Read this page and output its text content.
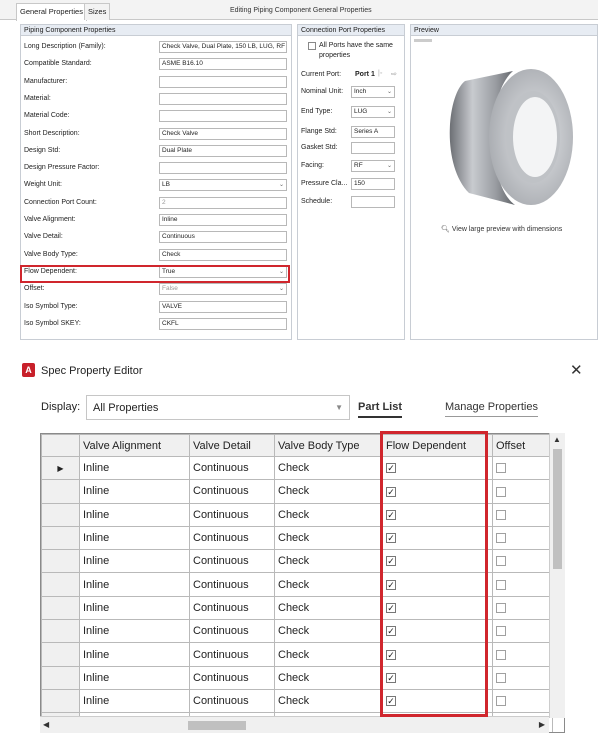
General Properties Sizes	Editing Piping Component General Properties
Piping Component Properties
Long Description (Family):	Check Valve, Dual Plate, 150 LB, LUG, RF
Compatible Standard:	ASME B16.10
Manufacturer:
Material:
Material Code:
Short Description:	Check Valve
Design Std:	Dual Plate
Design Pressure Factor:
Weight Unit:	LB	⌄
Connection Port Count:	2
Valve Alignment:	Inline
Valve Detail:	Continuous
Valve Body Type:	Check
Flow Dependent:	True	⌄
Offset:	False	⌄
Iso Symbol Type:	VALVE
Iso Symbol SKEY:	CKFL
Connection Port Properties
All Ports have the same properties
Current Port: Port 1 |◦ ⇨
Nominal Unit:	Inch	⌄
End Type:	LUG	⌄
Flange Std:	Series A
Gasket Std:
Facing:	RF	⌄
Pressure Cla...	150
Schedule:
Preview
🔍︎ View large preview with dimensions
A Spec Property Editor	✕
Display: All Properties	▼ Part List	Manage Properties
	Valve Alignment	Valve Detail	Valve Body Type	Flow Dependent	Offset
▶	Inline	Continuous	Check	✓	
	Inline	Continuous	Check	✓	
	Inline	Continuous	Check	✓	
	Inline	Continuous	Check	✓	
	Inline	Continuous	Check	✓	
	Inline	Continuous	Check	✓	
	Inline	Continuous	Check	✓	
	Inline	Continuous	Check	✓	
	Inline	Continuous	Check	✓	
	Inline	Continuous	Check	✓	
	Inline	Continuous	Check	✓	

▲
◀	▶
